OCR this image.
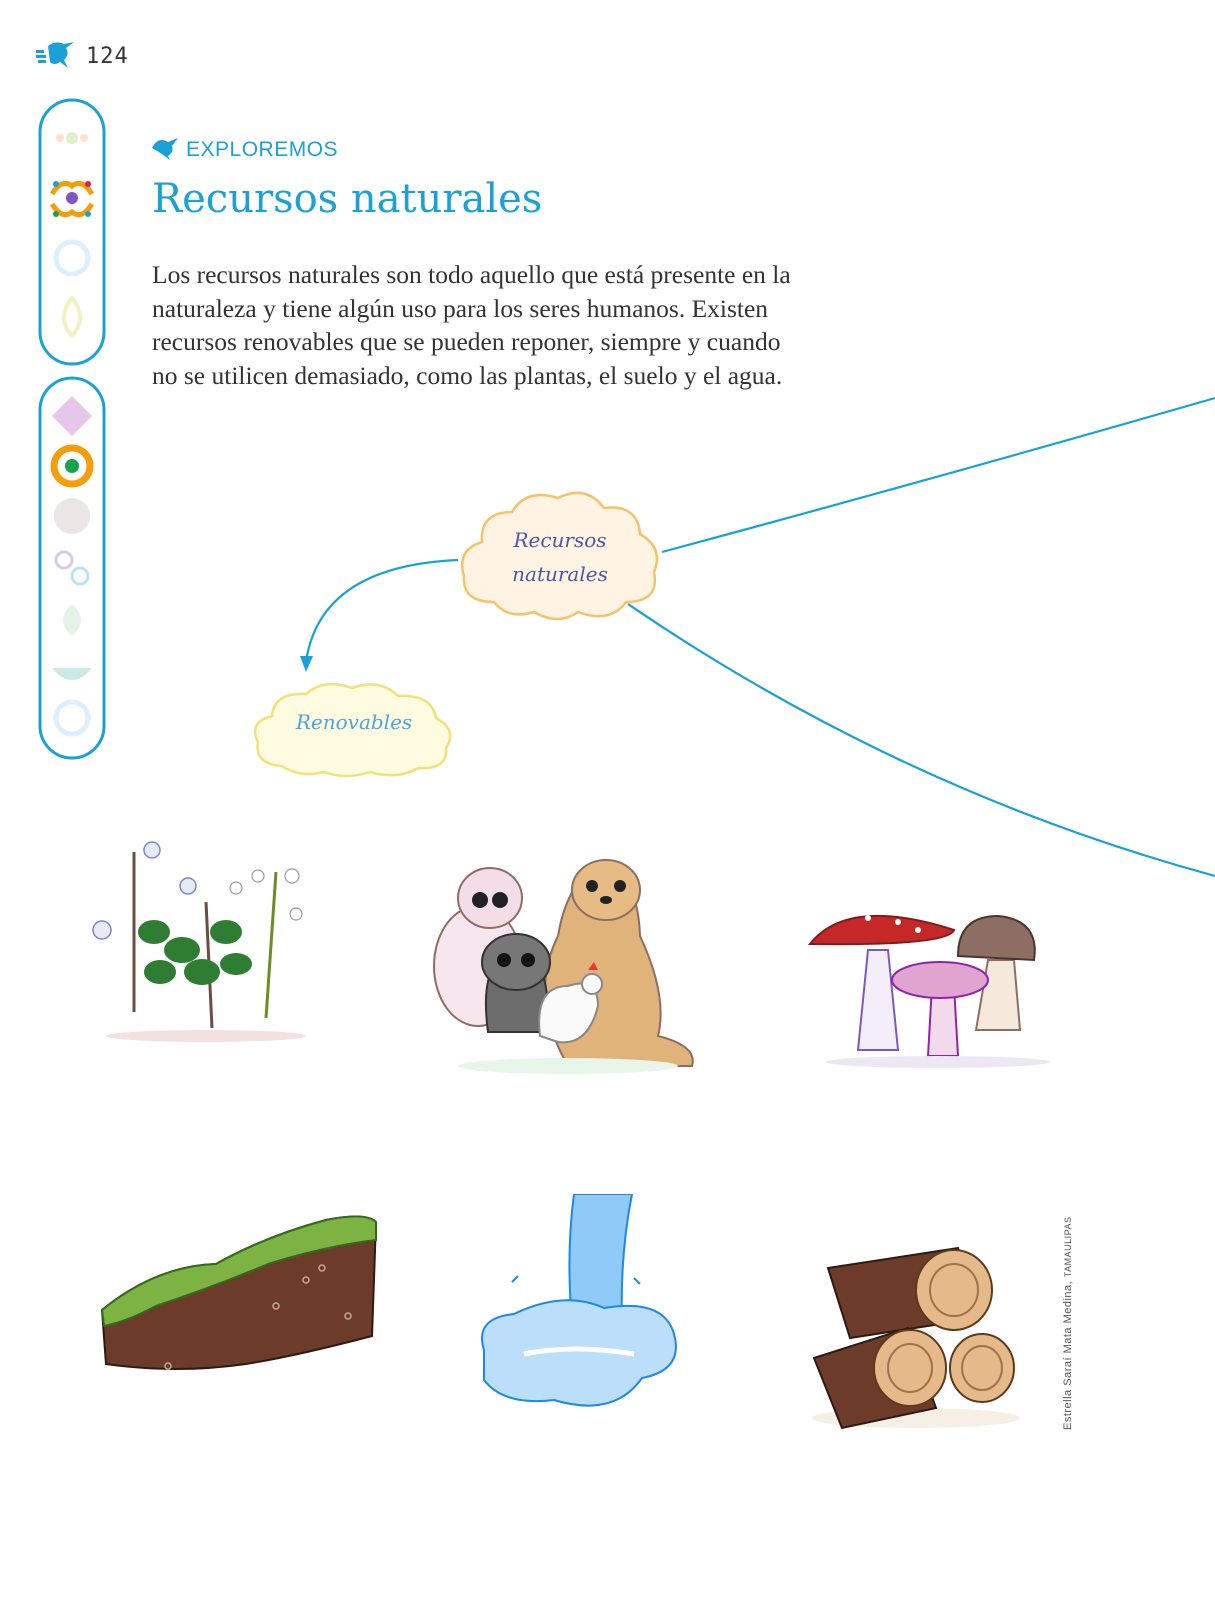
124
EXPLOREMOS
Recursos naturales
Los recursos naturales son todo aquello que está presente en la naturaleza y tiene algún uso para los seres humanos. Existen recursos renovables que se pueden reponer, siempre y cuando no se utilicen demasiado, como las plantas, el suelo y el agua.
Recursos
naturales
Renovables
Estrella Saraí Mata Medina, TAMAULIPAS
